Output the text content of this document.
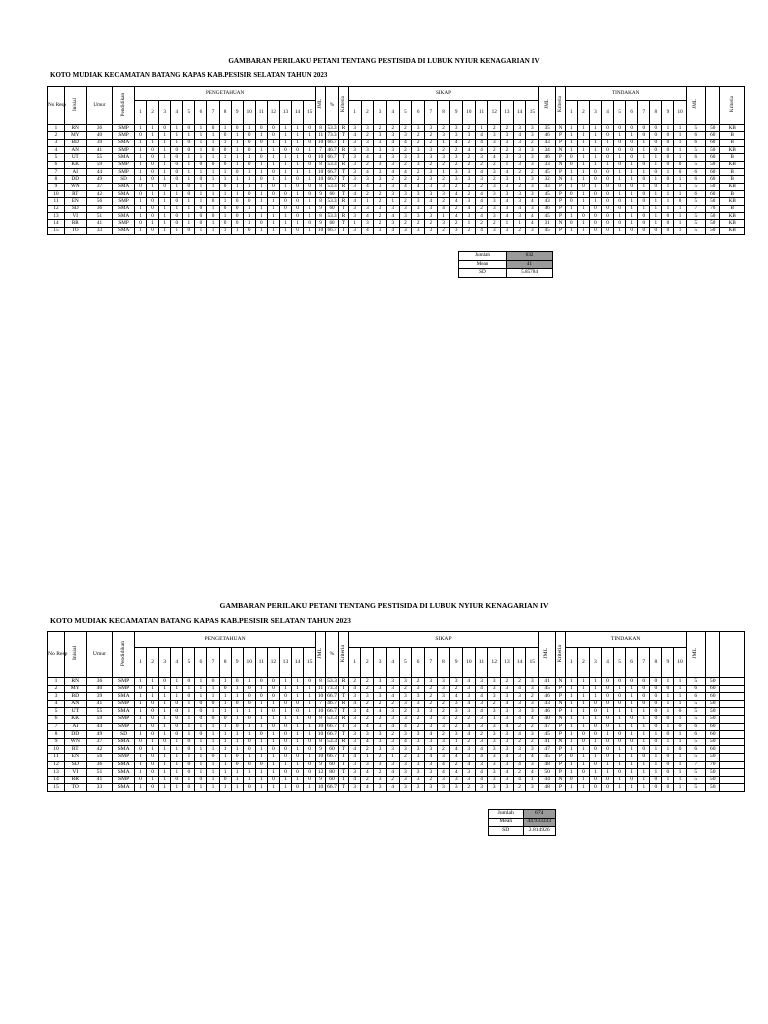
GAMBARAN PERILAKU PETANI TENTANG PESTISIDA DI LUBUK NYIUR KENAGARIAN IV
KOTO MUDIAK KECAMATAN BATANG KAPAS KAB.PESISIR SELATAN TAHUN 2023
No Resp	Inisial	Umur	Pendidikan	PENGETAHUAN															JML	%	Kriteria	SIKAP															JML	Kriteria	TINDAKAN										JML		Kriteria
				1	2	3	4	5	6	7	8	9	10	11	12	13	14	15				1	2	3	4	5	6	7	8	9	10	11	12	13	14	15			1	2	3	4	5	6	7	8	9	10			
1	RN	36	SMP	1	1	0	1	0	1	0	1	0	1	0	0	1	1	0	8	53.3	R	3	3	2	2	2	3	3	2	3	2	1	2	2	3	3	35	N	1	1	1	0	0	0	0	0	1	1	5	50	KB
2	MY	40	SMP	0	1	1	1	1	1	1	0	1	0	1	0	1	1	1	11	73.3	T	4	2	3	3	3	2	2	3	3	3	4	3	3	4	3	46	P	1	1	1	0	1	1	0	0	0	1	6	60	B
3	BD	39	SMA	1	1	1	1	0	1	1	1	1	0	0	1	1	1	0	10	66.7	T	3	3	3	4	4	2	2	1	4	2	4	3	3	3	2	43	P	1	1	1	1	0	0	1	0	0	1	6	60	B
4	AN	41	SMP	1	0	1	0	0	1	0	0	1	0	1	1	0	0	1	7	46.7	R	3	3	3	3	2	3	3	2	2	4	4	2	2	3	3	34	N	1	1	1	0	0	0	1	0	0	1	5	50	KB
5	UT	55	SMA	1	0	1	0	1	1	1	1	1	1	0	1	1	1	0	10	66.7	T	3	4	4	3	3	3	3	3	3	2	3	4	3	3	3	46	P	0	1	1	0	1	0	1	1	0	1	6	60	B
6	KK	59	SMP	1	0	1	0	1	0	0	0	1	0	1	1	1	1	0	8	53.3	R	3	2	3	3	2	3	2	2	2	2	2	2	1	3	3	33	N	0	1	1	1	0	1	0	1	0	0	5	50	KB
7	AI	44	SMP	1	0	1	0	1	1	1	1	0	1	1	0	1	1	1	10	66.7	T	3	4	3	4	4	2	3	1	3	3	4	3	4	2	2	45	P	1	1	0	0	1	1	1	0	1	0	6	60	B
8	DD	49	SD	1	0	1	0	1	0	1	1	1	1	0	1	1	0	1	10	66.7	T	3	3	3	2	2	2	3	2	3	3	3	2	3	1	3	32	N	1	1	0	0	1	1	0	1	0	1	6	60	B
9	WN	37	SMA	0	1	0	1	0	1	1	0	1	1	1	0	1	0	0	8	53.3	R	3	4	3	3	4	4	3	3	2	2	2	3	3	2	3	43	P	1	0	1	0	0	0	1	0	1	1	5	50	KB
10	RT	42	SMA	0	1	1	1	0	1	1	1	1	0	1	0	0	1	0	9	60	T	4	2	2	3	3	3	3	3	4	2	4	3	3	3	3	45	P	0	1	0	0	1	1	0	1	1	1	6	60	B
11	EN	56	SMP	1	0	1	0	1	1	0	1	0	0	1	1	0	0	1	8	53.3	R	4	1	2	1	2	3	4	2	4	3	4	3	4	3	4	43	P	0	1	1	0	0	1	0	1	1	0	5	50	KB
12	SD	36	SMA	1	0	1	1	1	0	1	0	0	1	1	1	0	0	1	9	60	T	3	3	3	3	3	3	3	4	2	4	2	3	3	4	3	46	P	1	1	0	0	0	1	1	1	1	1	7	70	B
13	VI	51	SMA	1	0	1	0	1	0	0	1	0	1	1	1	1	0	1	8	53.3	R	3	4	2	4	3	3	3	1	4	3	4	3	4	3	4	45	P	1	0	0	0	1	1	0	1	0	1	5	50	KB
14	RR	41	SMP	0	1	1	0	1	0	1	0	0	1	0	1	1	1	0	9	60	T	1	3	2	3	2	2	2	3	2	1	2	2	1	1	4	31	N	0	1	0	0	0	1	0	1	0	1	5	50	KB
15	TO	33	SMA	1	0	1	1	0	1	1	1	1	0	1	1	1	0	1	10	66.7	T	3	4	3	4	3	3	3	2	3	2	4	3	3	2	3	45	P	1	1	0	0	1	0	0	0	0	1	5	50	KB
Jumlah	632
Mean	41
SD	5.85784
GAMBARAN PERILAKU PETANI TENTANG PESTISIDA DI LUBUK NYIUR KENAGARIAN IV
KOTO MUDIAK KECAMATAN BATANG KAPAS KAB.PESISIR SELATAN TAHUN 2023
No Resp	Inisial	Umur	Pendidikan	PENGETAHUAN															JML	%	Kriteria	SIKAP															JML	Kriteria	TINDAKAN										JML		
				1	2	3	4	5	6	7	8	9	10	11	12	13	14	15				1	2	3	4	5	6	7	8	9	10	11	12	13	14	15			1	2	3	4	5	6	7	8	9	10			
1	RN	36	SMP	1	1	0	1	0	1	0	1	0	1	0	0	1	1	0	8	53.3	R	2	2	3	3	3	2	3	3	3	4	3	3	2	2	3	41	N	1	1	1	0	0	0	0	0	1	1	5	50	
2	MY	40	SMP	0	1	1	1	1	1	1	0	1	0	1	0	1	1	1	11	73.3	T	4	2	3	3	2	3	2	3	2	3	4	3	3	4	3	45	P	1	1	1	0	1	1	0	0	0	1	6	60	
3	BD	39	SMA	1	1	1	1	0	1	1	1	1	0	0	0	0	1	1	10	66.7	T	3	3	3	4	3	3	2	3	4	3	4	3	3	3	2	46	P	1	1	1	0	0	1	0	0	1	1	6	60	
4	AN	41	SMP	1	0	1	0	1	0	0	1	0	0	1	1	0	0	1	7	46.7	R	4	2	2	2	3	3	2	2	3	4	3	2	4	3	3	43	N	1	1	0	0	0	1	0	0	1	1	5	50	
5	UT	55	SMA	1	0	1	0	1	0	1	1	1	1	1	0	1	0	1	10	66.7	T	3	4	4	3	2	3	3	2	3	3	4	3	3	3	3	46	P	1	1	0	1	1	1	1	0	1	0	5	50	
6	KK	59	SMP	1	0	1	0	1	0	0	0	1	0	1	1	1	1	0	8	53.3	R	3	2	2	3	3	2	3	3	2	2	3	1	3	4	4	40	N	1	1	1	0	1	0	1	0	0	1	5	50	
7	AI	44	SMP	1	0	1	0	1	1	1	1	0	1	1	0	0	1	1	10	66.7	T	3	4	3	4	4	2	3	3	2	4	3	3	4	2	2	47	P	1	1	0	0	1	1	1	0	1	0	6	60	
8	DD	49	SD	1	0	1	0	1	0	1	1	1	1	0	1	0	1	1	10	66.7	T	3	3	3	2	3	3	4	2	3	4	2	3	3	4	3	45	P	1	0	0	1	0	1	1	1	0	1	6	60	
9	WN	37	SMA	0	1	0	1	0	1	1	1	1	0	1	1	0	1	0	8	53.3	R	3	4	3	3	4	3	3	3	1	2	3	3	3	2	2	41	N	1	0	1	0	0	0	1	0	1	1	5	50	
10	RT	42	SMA	0	1	1	1	0	1	1	1	1	0	1	0	0	1	0	9	60	T	4	2	3	3	3	3	3	2	4	3	4	3	3	3	3	47	P	1	1	0	0	1	1	0	1	1	0	6	60	
11	EN	56	SMP	1	0	1	1	1	1	0	1	0	1	1	1	0	0	1	10	66.7	T	4	1	2	1	2	3	4	3	4	3	4	3	4	3	4	45	P	0	1	1	0	1	1	0	1	0	1	5	50	
12	SD	36	SMA	1	0	1	1	0	1	1	1	0	0	0	1	1	1	0	9	60	T	3	3	3	3	3	3	3	4	2	4	3	3	3	4	3	48	P	1	1	0	1	1	1	1	1	0	1	7	70	
13	VI	51	SMA	1	0	1	1	0	1	1	1	1	1	1	1	0	0	0	12	80	T	3	4	2	4	3	3	3	4	4	3	4	3	4	2	4	50	P	1	0	1	1	0	1	1	1	0	1	5	50	
14	RR	41	SMP	0	1	1	0	1	0	1	0	1	1	1	0	1	1	0	9	60	T	4	2	3	2	3	3	2	3	3	3	4	3	3	4	1	44	N	0	1	0	0	1	0	1	0	1	1	5	50	
15	TO	33	SMA	1	0	1	1	0	1	1	1	1	0	1	1	1	0	1	10	66.7	T	3	4	3	4	3	3	3	3	3	2	3	3	3	2	3	48	P	1	1	0	0	1	1	1	0	0	1	5	50	
Jumlah	674
Mean	44.933333
SD	2.814926
